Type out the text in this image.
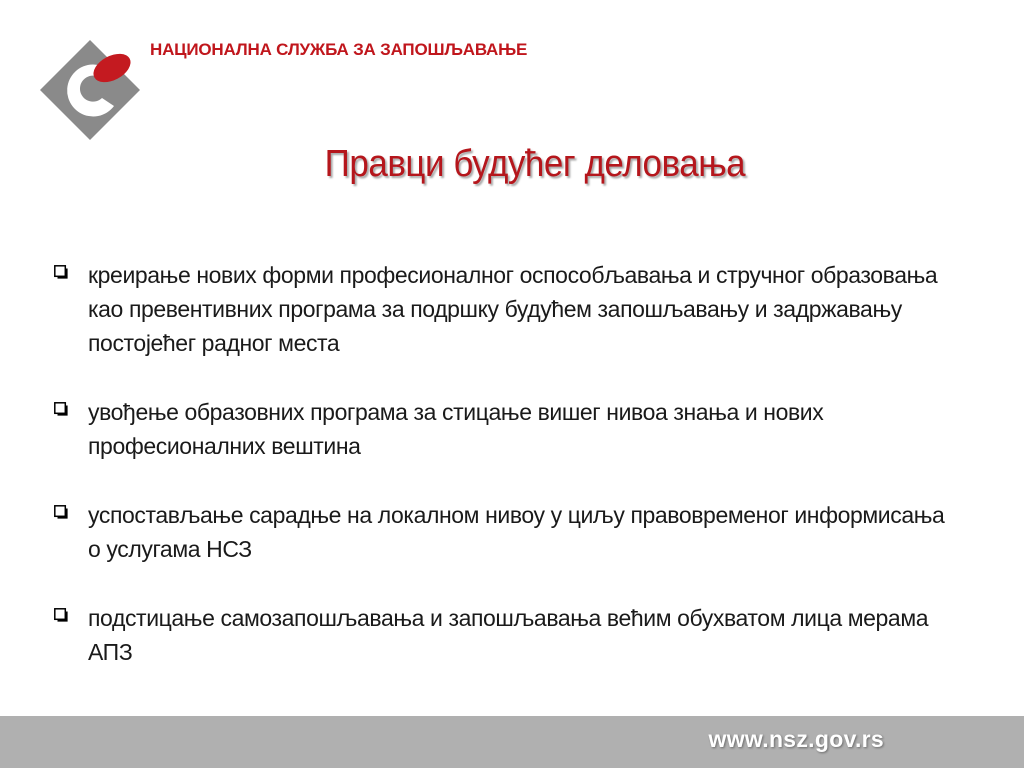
НАЦИОНАЛНА СЛУЖБА ЗА ЗАПОШЉАВАЊЕ
Правци будућег деловања
креирање нових форми професионалног оспособљавања и стручног образовања као превентивних програма за подршку будућем запошљавању и задржавању постојећег радног места
увођење образовних програма за стицање вишег нивоа знања и нових професионалних вештина
успостављање сарадње на локалном нивоу у циљу правовременог информисања о услугама НСЗ
подстицање самозапошљавања и запошљавања већим обухватом лица мерама АПЗ
www.nsz.gov.rs
